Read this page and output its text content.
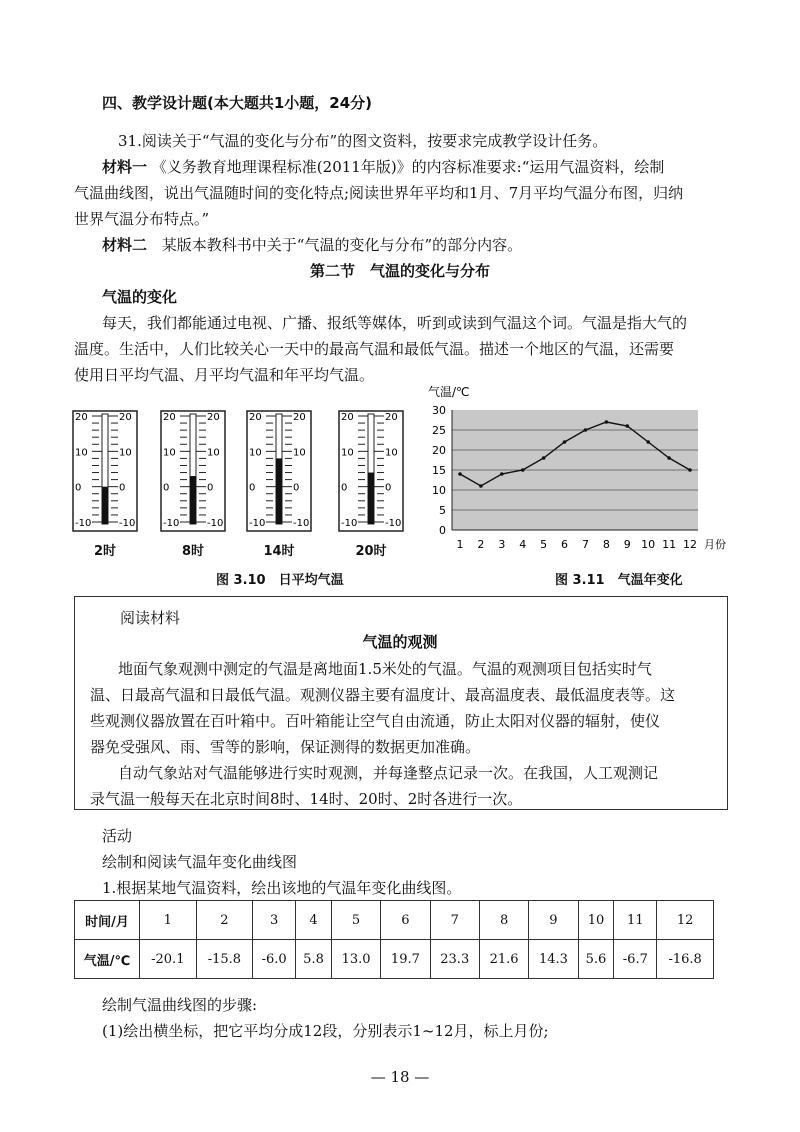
四、教学设计题(本大题共1小题，24分)
31.阅读关于“气温的变化与分布”的图文资料，按要求完成教学设计任务。
材料一 《义务教育地理课程标准(2011年版)》的内容标准要求:“运用气温资料，绘制
气温曲线图，说出气温随时间的变化特点;阅读世界年平均和1月、7月平均气温分布图，归纳
世界气温分布特点。”
材料二 某版本教科书中关于“气温的变化与分布”的部分内容。
第二节　气温的变化与分布
气温的变化
每天，我们都能通过电视、广播、报纸等媒体，听到或读到气温这个词。气温是指大气的
温度。生活中，人们比较关心一天中的最高气温和最低气温。描述一个地区的气温，还需要
使用日平均气温、月平均气温和年平均气温。
20	20
10	10
0	0
-10	-10
2时
20	20
10	10
0	0
-10	-10
8时
20	20
10	10
0	0
-10	-10
14时
20	20
10	10
0	0
-10	-10
20时
图 3.10　日平均气温
气温/℃
30
25
20
15
10
5
0
1 2 3 4 5 6 7 8 9 10 11 12 月份
图 3.11　气温年变化
阅读材料
气温的观测
地面气象观测中测定的气温是离地面1.5米处的气温。气温的观测项目包括实时气
温、日最高气温和日最低气温。观测仪器主要有温度计、最高温度表、最低温度表等。这
些观测仪器放置在百叶箱中。百叶箱能让空气自由流通，防止太阳对仪器的辐射，使仪
器免受强风、雨、雪等的影响，保证测得的数据更加准确。
自动气象站对气温能够进行实时观测，并每逢整点记录一次。在我国，人工观测记
录气温一般每天在北京时间8时、14时、20时、2时各进行一次。
活动
绘制和阅读气温年变化曲线图
1.根据某地气温资料，绘出该地的气温年变化曲线图。
时间/月	1	2	3	4	5	6	7	8	9	10	11	12
气温/℃	-20.1	-15.8	-6.0	5.8	13.0	19.7	23.3	21.6	14.3	5.6	-6.7	-16.8
绘制气温曲线图的步骤:
(1)绘出横坐标，把它平均分成12段，分别表示1~12月，标上月份;
— 18 —
